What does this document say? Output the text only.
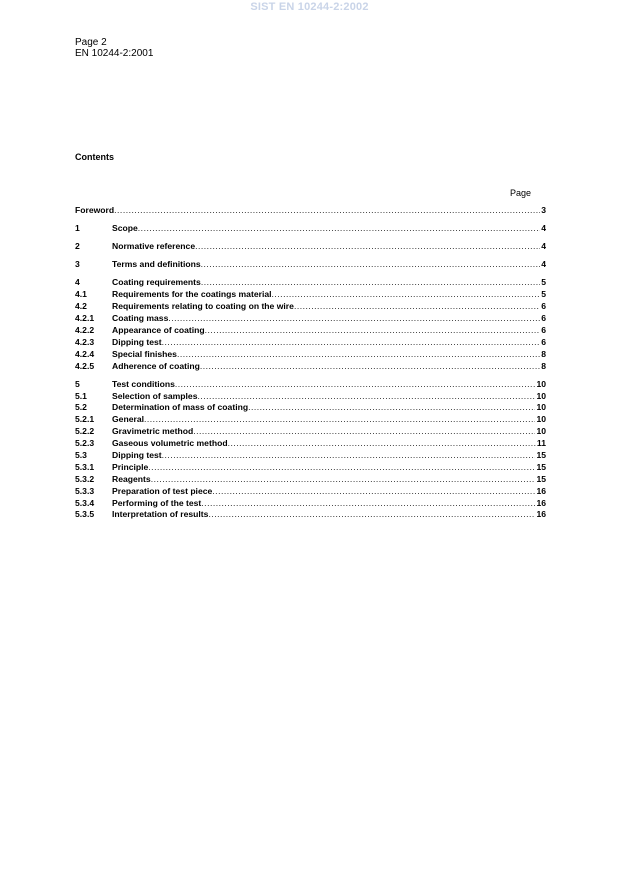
SIST EN 10244-2:2002
Page 2
EN 10244-2:2001
Contents
Page
Foreword .....	3
1	Scope .....	4
2	Normative reference .....	4
3	Terms and definitions .....	4
4	Coating requirements .....	5
4.1	Requirements for the coatings material .....	5
4.2	Requirements relating to coating on the wire .....	6
4.2.1	Coating mass .....	6
4.2.2	Appearance of coating .....	6
4.2.3	Dipping test .....	6
4.2.4	Special finishes .....	8
4.2.5	Adherence of coating .....	8
5	Test conditions .....	10
5.1	Selection of samples .....	10
5.2	Determination of mass of coating .....	10
5.2.1	General .....	10
5.2.2	Gravimetric method .....	10
5.2.3	Gaseous volumetric method .....	11
5.3	Dipping test .....	15
5.3.1	Principle .....	15
5.3.2	Reagents .....	15
5.3.3	Preparation of test piece .....	16
5.3.4	Performing of the test .....	16
5.3.5	Interpretation of results .....	16
